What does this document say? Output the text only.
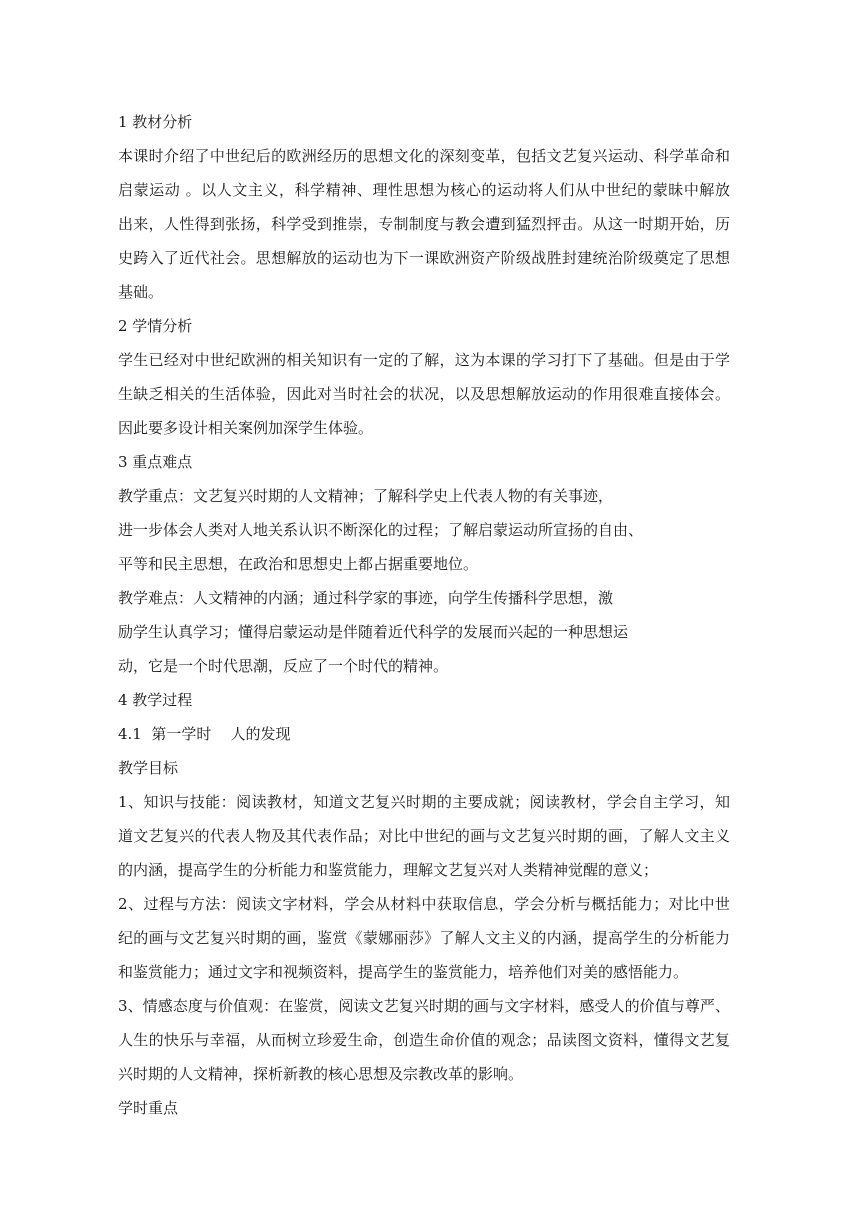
1 教材分析
本课时介绍了中世纪后的欧洲经历的思想文化的深刻变革，包括文艺复兴运动、科学革命和
启蒙运动 。以人文主义，科学精神、理性思想为核心的运动将人们从中世纪的蒙昧中解放
出来，人性得到张扬，科学受到推崇，专制制度与教会遭到猛烈抨击。从这一时期开始，历
史跨入了近代社会。思想解放的运动也为下一课欧洲资产阶级战胜封建统治阶级奠定了思想
基础。
2 学情分析
学生已经对中世纪欧洲的相关知识有一定的了解，这为本课的学习打下了基础。但是由于学
生缺乏相关的生活体验，因此对当时社会的状况，以及思想解放运动的作用很难直接体会。
因此要多设计相关案例加深学生体验。
3 重点难点
教学重点：文艺复兴时期的人文精神；了解科学史上代表人物的有关事迹，
进一步体会人类对人地关系认识不断深化的过程；了解启蒙运动所宣扬的自由、
平等和民主思想，在政治和思想史上都占据重要地位。
教学难点：人文精神的内涵；通过科学家的事迹，向学生传播科学思想，激
励学生认真学习；懂得启蒙运动是伴随着近代科学的发展而兴起的一种思想运
动，它是一个时代思潮，反应了一个时代的精神。
4 教学过程
4.1  第一学时    人的发现
教学目标
1、知识与技能：阅读教材，知道文艺复兴时期的主要成就；阅读教材，学会自主学习，知
道文艺复兴的代表人物及其代表作品；对比中世纪的画与文艺复兴时期的画，了解人文主义
的内涵，提高学生的分析能力和鉴赏能力，理解文艺复兴对人类精神觉醒的意义；
2、过程与方法：阅读文字材料，学会从材料中获取信息，学会分析与概括能力；对比中世
纪的画与文艺复兴时期的画，鉴赏《蒙娜丽莎》了解人文主义的内涵，提高学生的分析能力
和鉴赏能力；通过文字和视频资料，提高学生的鉴赏能力，培养他们对美的感悟能力。
3、情感态度与价值观：在鉴赏，阅读文艺复兴时期的画与文字材料，感受人的价值与尊严、
人生的快乐与幸福，从而树立珍爱生命，创造生命价值的观念；品读图文资料，懂得文艺复
兴时期的人文精神，探析新教的核心思想及宗教改革的影响。
学时重点
